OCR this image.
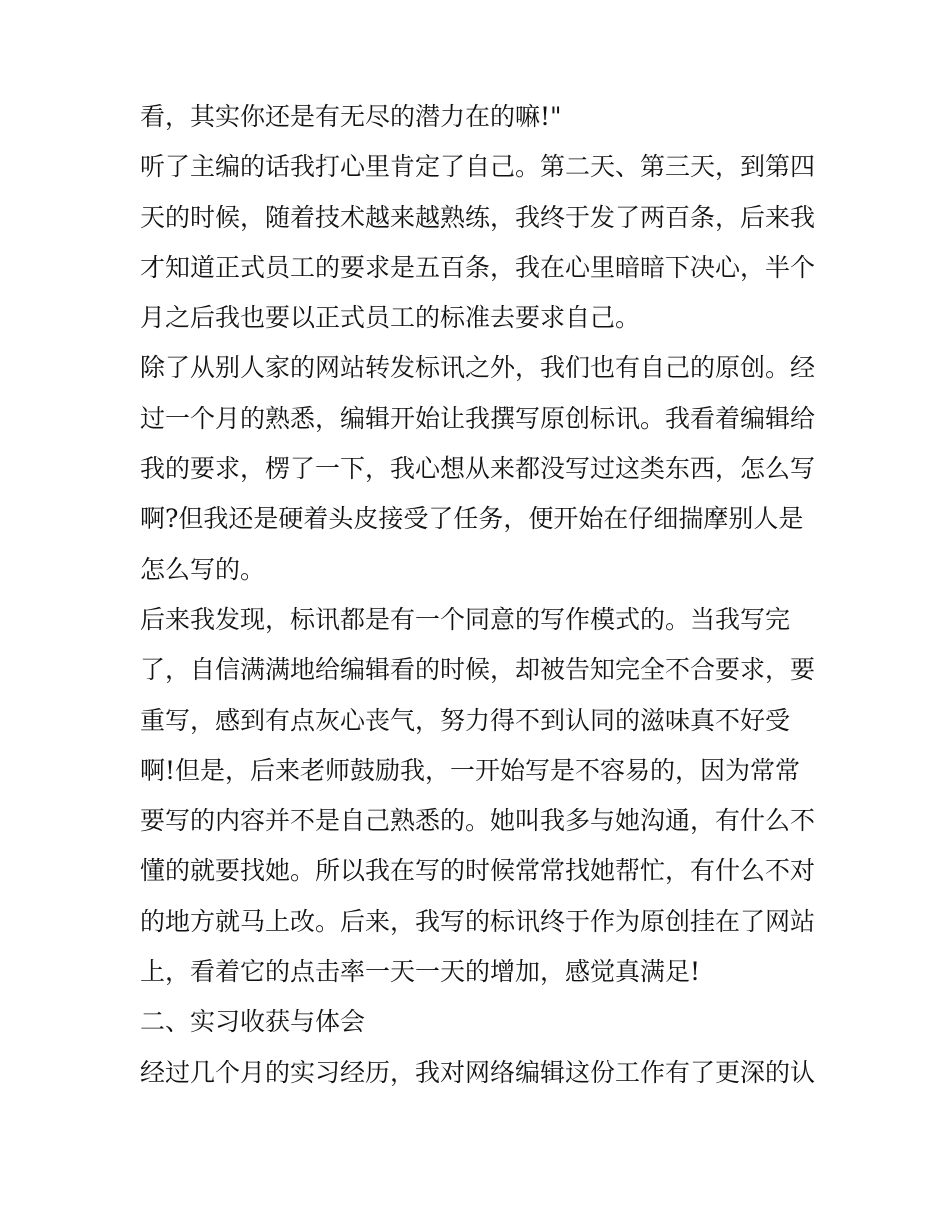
看，其实你还是有无尽的潜力在的嘛!"
听了主编的话我打心里肯定了自己。第二天、第三天，到第四
天的时候，随着技术越来越熟练，我终于发了两百条，后来我
才知道正式员工的要求是五百条，我在心里暗暗下决心，半个
月之后我也要以正式员工的标准去要求自己。
除了从别人家的网站转发标讯之外，我们也有自己的原创。经
过一个月的熟悉，编辑开始让我撰写原创标讯。我看着编辑给
我的要求，楞了一下，我心想从来都没写过这类东西，怎么写
啊?但我还是硬着头皮接受了任务，便开始在仔细揣摩别人是
怎么写的。
后来我发现，标讯都是有一个同意的写作模式的。当我写完
了，自信满满地给编辑看的时候，却被告知完全不合要求，要
重写，感到有点灰心丧气，努力得不到认同的滋味真不好受
啊!但是，后来老师鼓励我，一开始写是不容易的，因为常常
要写的内容并不是自己熟悉的。她叫我多与她沟通，有什么不
懂的就要找她。所以我在写的时候常常找她帮忙，有什么不对
的地方就马上改。后来，我写的标讯终于作为原创挂在了网站
上，看着它的点击率一天一天的增加，感觉真满足!
二、实习收获与体会
经过几个月的实习经历，我对网络编辑这份工作有了更深的认
